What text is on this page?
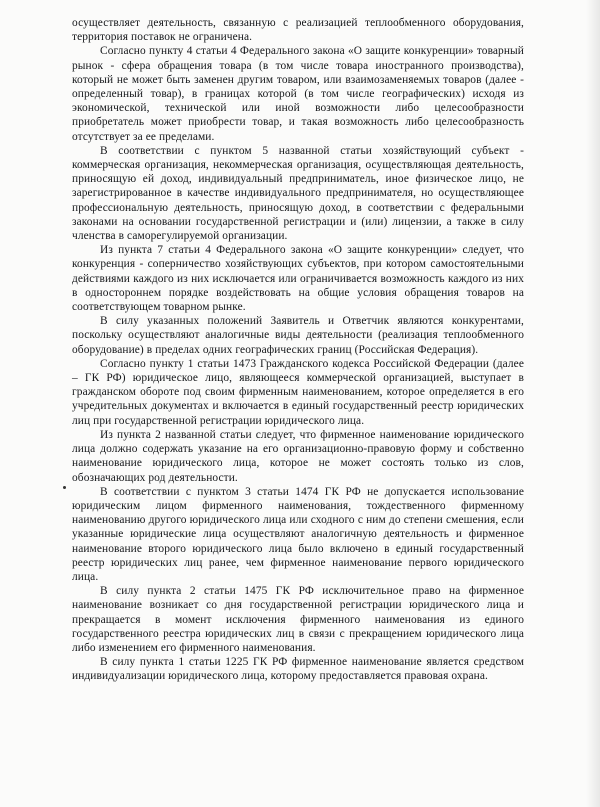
осуществляет деятельность, связанную с реализацией теплообменного оборудования, территория поставок не ограничена.

Согласно пункту 4 статьи 4 Федерального закона «О защите конкуренции» товарный рынок - сфера обращения товара (в том числе товара иностранного производства), который не может быть заменен другим товаром, или взаимозаменяемых товаров (далее - определенный товар), в границах которой (в том числе географических) исходя из экономической, технической или иной возможности либо целесообразности приобретатель может приобрести товар, и такая возможность либо целесообразность отсутствует за ее пределами.

В соответствии с пунктом 5 названной статьи хозяйствующий субъект - коммерческая организация, некоммерческая организация, осуществляющая деятельность, приносящую ей доход, индивидуальный предприниматель, иное физическое лицо, не зарегистрированное в качестве индивидуального предпринимателя, но осуществляющее профессиональную деятельность, приносящую доход, в соответствии с федеральными законами на основании государственной регистрации и (или) лицензии, а также в силу членства в саморегулируемой организации.

Из пункта 7 статьи 4 Федерального закона «О защите конкуренции» следует, что конкуренция - соперничество хозяйствующих субъектов, при котором самостоятельными действиями каждого из них исключается или ограничивается возможность каждого из них в одностороннем порядке воздействовать на общие условия обращения товаров на соответствующем товарном рынке.

В силу указанных положений Заявитель и Ответчик являются конкурентами, поскольку осуществляют аналогичные виды деятельности (реализация теплообменного оборудование) в пределах одних географических границ (Российская Федерация).

Согласно пункту 1 статьи 1473 Гражданского кодекса Российской Федерации (далее – ГК РФ) юридическое лицо, являющееся коммерческой организацией, выступает в гражданском обороте под своим фирменным наименованием, которое определяется в его учредительных документах и включается в единый государственный реестр юридических лиц при государственной регистрации юридического лица.

Из пункта 2 названной статьи следует, что фирменное наименование юридического лица должно содержать указание на его организационно-правовую форму и собственно наименование юридического лица, которое не может состоять только из слов, обозначающих род деятельности.

В соответствии с пунктом 3 статьи 1474 ГК РФ не допускается использование юридическим лицом фирменного наименования, тождественного фирменному наименованию другого юридического лица или сходного с ним до степени смешения, если указанные юридические лица осуществляют аналогичную деятельность и фирменное наименование второго юридического лица было включено в единый государственный реестр юридических лиц ранее, чем фирменное наименование первого юридического лица.

В силу пункта 2 статьи 1475 ГК РФ исключительное право на фирменное наименование возникает со дня государственной регистрации юридического лица и прекращается в момент исключения фирменного наименования из единого государственного реестра юридических лиц в связи с прекращением юридического лица либо изменением его фирменного наименования.

В силу пункта 1 статьи 1225 ГК РФ фирменное наименование является средством индивидуализации юридического лица, которому предоставляется правовая охрана.
